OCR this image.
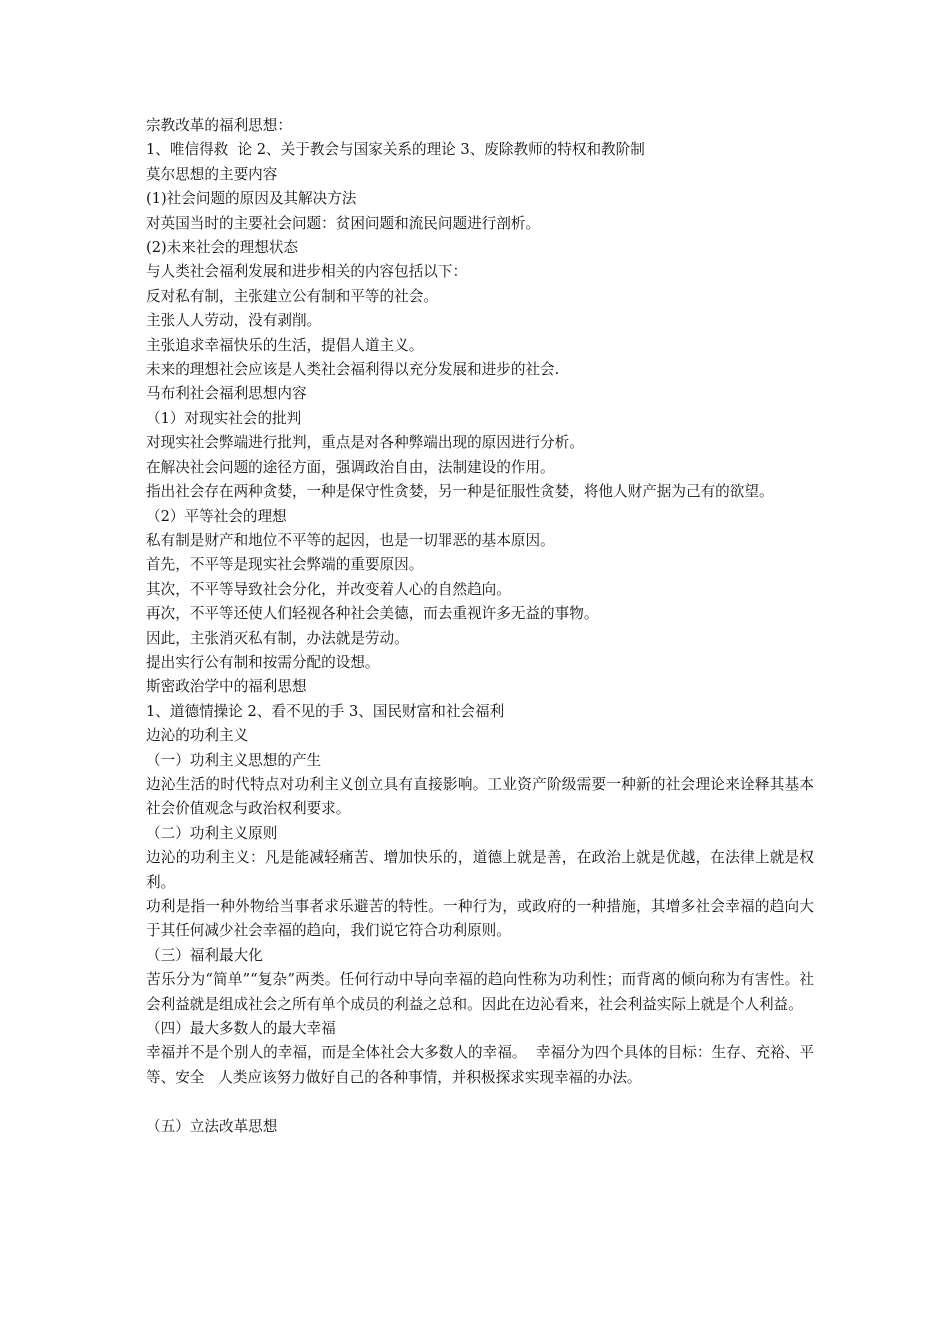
宗教改革的福利思想：

1、唯信得救  论 2、关于教会与国家关系的理论 3、废除教师的特权和教阶制

莫尔思想的主要内容

(1)社会问题的原因及其解决方法

对英国当时的主要社会问题：贫困问题和流民问题进行剖析。

(2)未来社会的理想状态

与人类社会福利发展和进步相关的内容包括以下：

反对私有制，主张建立公有制和平等的社会。

主张人人劳动，没有剥削。

主张追求幸福快乐的生活，提倡人道主义。

未来的理想社会应该是人类社会福利得以充分发展和进步的社会.

马布利社会福利思想内容

（1）对现实社会的批判

对现实社会弊端进行批判，重点是对各种弊端出现的原因进行分析。

在解决社会问题的途径方面，强调政治自由，法制建设的作用。

指出社会存在两种贪婪，一种是保守性贪婪，另一种是征服性贪婪，将他人财产据为己有的欲望。

（2）平等社会的理想

私有制是财产和地位不平等的起因，也是一切罪恶的基本原因。

首先，不平等是现实社会弊端的重要原因。

其次，不平等导致社会分化，并改变着人心的自然趋向。

再次，不平等还使人们轻视各种社会美德，而去重视许多无益的事物。

因此，主张消灭私有制，办法就是劳动。

提出实行公有制和按需分配的设想。

斯密政治学中的福利思想

1、道德情操论 2、看不见的手 3、国民财富和社会福利

边沁的功利主义

（一）功利主义思想的产生

边沁生活的时代特点对功利主义创立具有直接影响。工业资产阶级需要一种新的社会理论来诠释其基本社会价值观念与政治权利要求。

（二）功利主义原则

边沁的功利主义：凡是能减轻痛苦、增加快乐的，道德上就是善，在政治上就是优越，在法律上就是权利。

功利是指一种外物给当事者求乐避苦的特性。一种行为，或政府的一种措施，其增多社会幸福的趋向大于其任何减少社会幸福的趋向，我们说它符合功利原则。

（三）福利最大化

苦乐分为“简单”“复杂”两类。任何行动中导向幸福的趋向性称为功利性；而背离的倾向称为有害性。社会利益就是组成社会之所有单个成员的利益之总和。因此在边沁看来，社会利益实际上就是个人利益。

（四）最大多数人的最大幸福

幸福并不是个别人的幸福，而是全体社会大多数人的幸福。  幸福分为四个具体的目标：生存、充裕、平等、安全   人类应该努力做好自己的各种事情，并积极探求实现幸福的办法。

（五）立法改革思想
